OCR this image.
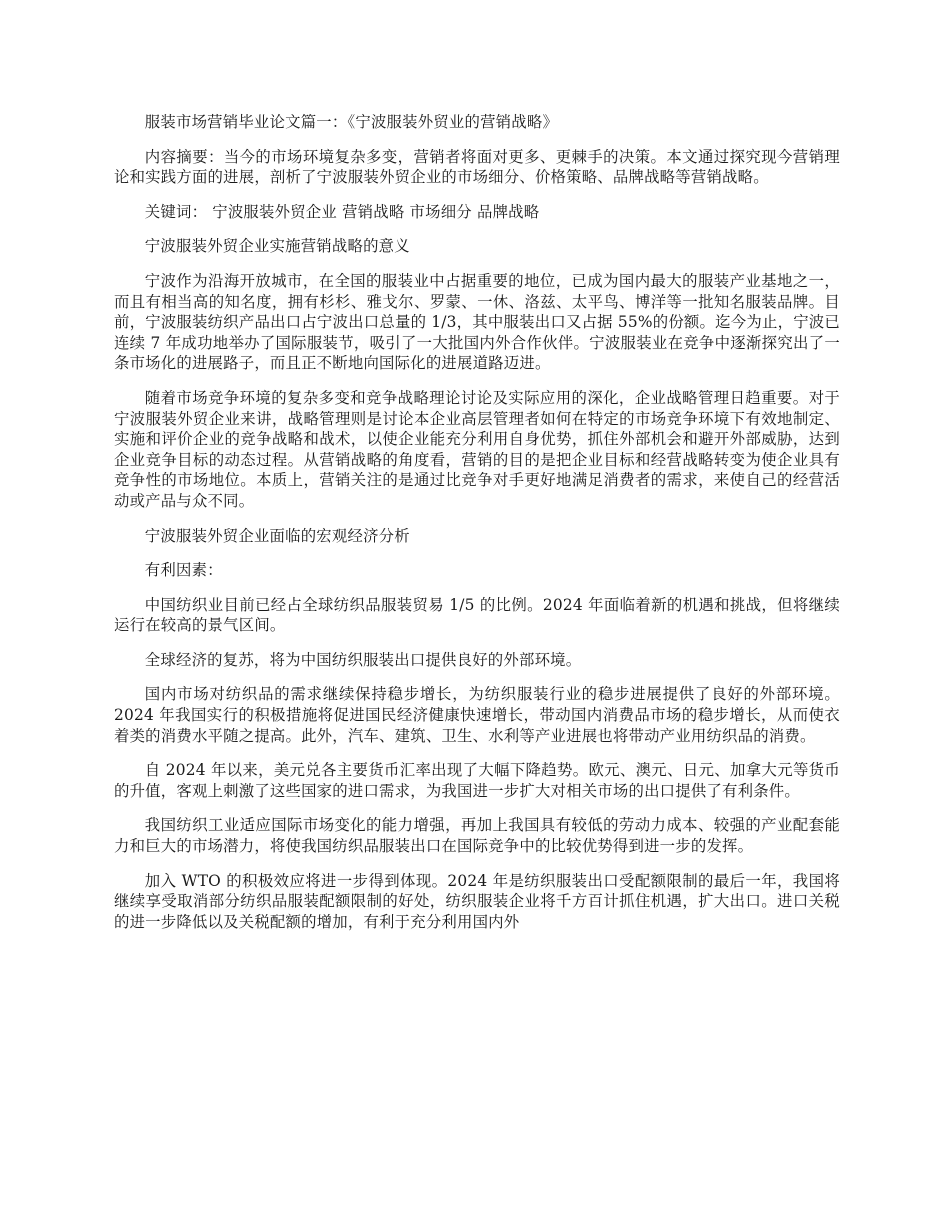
服装市场营销毕业论文篇一：《宁波服装外贸业的营销战略》

内容摘要：当今的市场环境复杂多变，营销者将面对更多、更棘手的决策。本文通过探究现今营销理论和实践方面的进展，剖析了宁波服装外贸企业的市场细分、价格策略、品牌战略等营销战略。

关键词： 宁波服装外贸企业 营销战略 市场细分 品牌战略

宁波服装外贸企业实施营销战略的意义

宁波作为沿海开放城市，在全国的服装业中占据重要的地位，已成为国内最大的服装产业基地之一，而且有相当高的知名度，拥有杉杉、雅戈尔、罗蒙、一休、洛兹、太平鸟、博洋等一批知名服装品牌。目前，宁波服装纺织产品出口占宁波出口总量的 1/3，其中服装出口又占据 55%的份额。迄今为止，宁波已连续 7 年成功地举办了国际服装节，吸引了一大批国内外合作伙伴。宁波服装业在竞争中逐渐探究出了一条市场化的进展路子，而且正不断地向国际化的进展道路迈进。

随着市场竞争环境的复杂多变和竞争战略理论讨论及实际应用的深化，企业战略管理日趋重要。对于宁波服装外贸企业来讲，战略管理则是讨论本企业高层管理者如何在特定的市场竞争环境下有效地制定、实施和评价企业的竞争战略和战术，以使企业能充分利用自身优势，抓住外部机会和避开外部威胁，达到企业竞争目标的动态过程。从营销战略的角度看，营销的目的是把企业目标和经营战略转变为使企业具有竞争性的市场地位。本质上，营销关注的是通过比竞争对手更好地满足消费者的需求，来使自己的经营活动或产品与众不同。

宁波服装外贸企业面临的宏观经济分析

有利因素：

中国纺织业目前已经占全球纺织品服装贸易 1/5 的比例。2024 年面临着新的机遇和挑战，但将继续运行在较高的景气区间。

全球经济的复苏，将为中国纺织服装出口提供良好的外部环境。

国内市场对纺织品的需求继续保持稳步增长，为纺织服装行业的稳步进展提供了良好的外部环境。2024 年我国实行的积极措施将促进国民经济健康快速增长，带动国内消费品市场的稳步增长，从而使衣着类的消费水平随之提高。此外，汽车、建筑、卫生、水利等产业进展也将带动产业用纺织品的消费。

自 2024 年以来，美元兑各主要货币汇率出现了大幅下降趋势。欧元、澳元、日元、加拿大元等货币的升值，客观上刺激了这些国家的进口需求，为我国进一步扩大对相关市场的出口提供了有利条件。

我国纺织工业适应国际市场变化的能力增强，再加上我国具有较低的劳动力成本、较强的产业配套能力和巨大的市场潜力，将使我国纺织品服装出口在国际竞争中的比较优势得到进一步的发挥。

加入 WTO 的积极效应将进一步得到体现。2024 年是纺织服装出口受配额限制的最后一年，我国将继续享受取消部分纺织品服装配额限制的好处，纺织服装企业将千方百计抓住机遇，扩大出口。进口关税的进一步降低以及关税配额的增加，有利于充分利用国内外
